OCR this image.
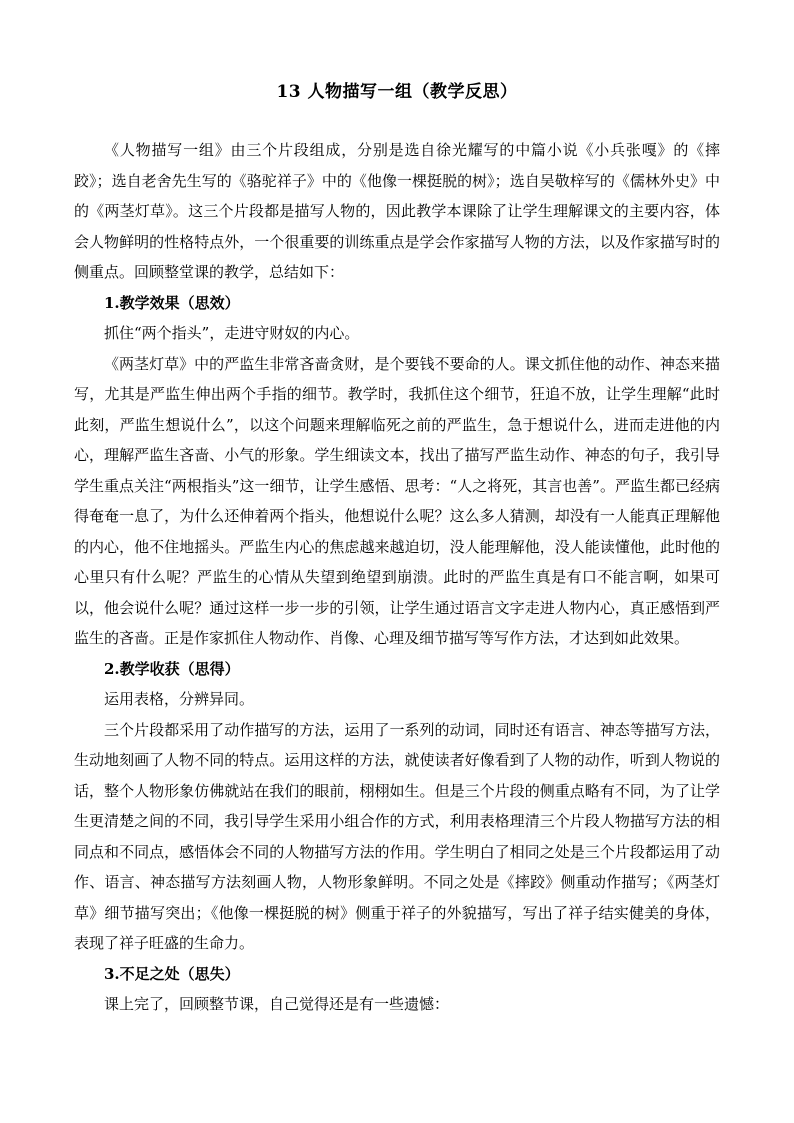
13 人物描写一组（教学反思）

《人物描写一组》由三个片段组成，分别是选自徐光耀写的中篇小说《小兵张嘎》的《摔跤》；选自老舍先生写的《骆驼祥子》中的《他像一棵挺脱的树》；选自吴敬梓写的《儒林外史》中的《两茎灯草》。这三个片段都是描写人物的，因此教学本课除了让学生理解课文的主要内容，体会人物鲜明的性格特点外，一个很重要的训练重点是学会作家描写人物的方法，以及作家描写时的侧重点。回顾整堂课的教学，总结如下：

1.教学效果（思效）

抓住“两个指头”，走进守财奴的内心。

《两茎灯草》中的严监生非常吝啬贪财，是个要钱不要命的人。课文抓住他的动作、神态来描写，尤其是严监生伸出两个手指的细节。教学时，我抓住这个细节，狂追不放，让学生理解“此时此刻，严监生想说什么”，以这个问题来理解临死之前的严监生，急于想说什么，进而走进他的内心，理解严监生吝啬、小气的形象。学生细读文本，找出了描写严监生动作、神态的句子，我引导学生重点关注“两根指头”这一细节，让学生感悟、思考：“人之将死，其言也善”。严监生都已经病得奄奄一息了，为什么还伸着两个指头，他想说什么呢？这么多人猜测，却没有一人能真正理解他的内心，他不住地摇头。严监生内心的焦虑越来越迫切，没人能理解他，没人能读懂他，此时他的心里只有什么呢？严监生的心情从失望到绝望到崩溃。此时的严监生真是有口不能言啊，如果可以，他会说什么呢？通过这样一步一步的引领，让学生通过语言文字走进人物内心，真正感悟到严监生的吝啬。正是作家抓住人物动作、肖像、心理及细节描写等写作方法，才达到如此效果。

2.教学收获（思得）

运用表格，分辨异同。

三个片段都采用了动作描写的方法，运用了一系列的动词，同时还有语言、神态等描写方法，生动地刻画了人物不同的特点。运用这样的方法，就使读者好像看到了人物的动作，听到人物说的话，整个人物形象仿佛就站在我们的眼前，栩栩如生。但是三个片段的侧重点略有不同，为了让学生更清楚之间的不同，我引导学生采用小组合作的方式，利用表格理清三个片段人物描写方法的相同点和不同点，感悟体会不同的人物描写方法的作用。学生明白了相同之处是三个片段都运用了动作、语言、神态描写方法刻画人物，人物形象鲜明。不同之处是《摔跤》侧重动作描写；《两茎灯草》细节描写突出；《他像一棵挺脱的树》侧重于祥子的外貌描写，写出了祥子结实健美的身体，表现了祥子旺盛的生命力。

3.不足之处（思失）

课上完了，回顾整节课，自己觉得还是有一些遗憾：
